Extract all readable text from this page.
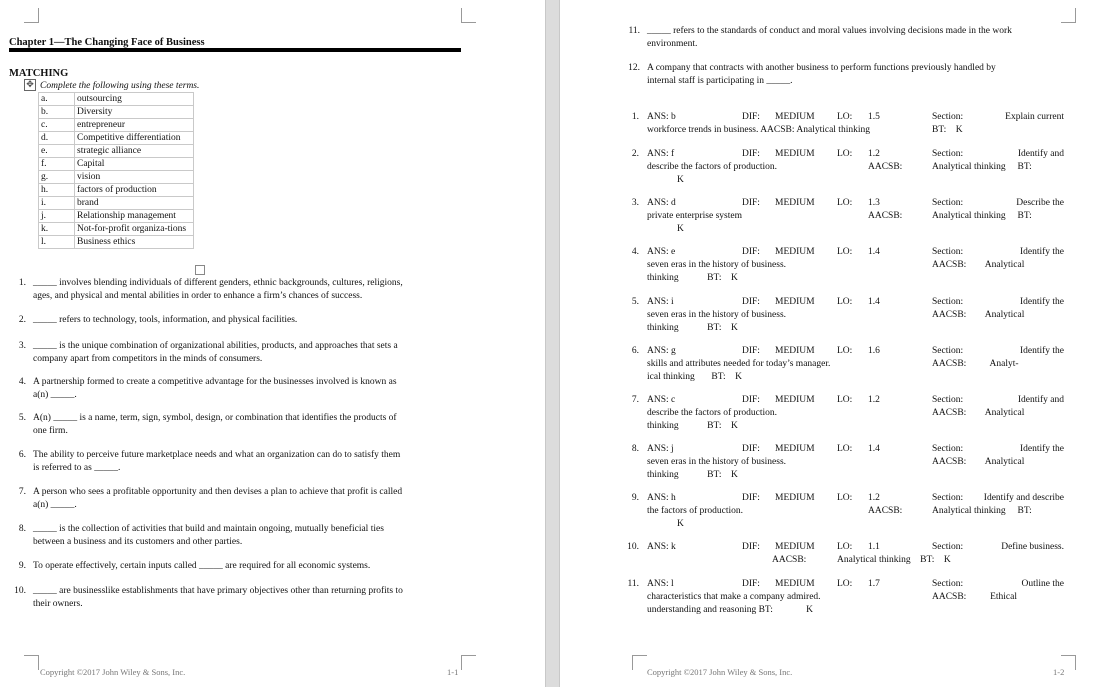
Chapter 1—The Changing Face of Business
MATCHING
✥ Complete the following using these terms.
a.	outsourcing
b.	Diversity
c.	entrepreneur
d.	Competitive differentiation
e.	strategic alliance
f.	Capital
g.	vision
h.	factors of production
i.	brand
j.	Relationship management
k.	Not-for-profit organiza-tions
l.	Business ethics
1. _____ involves blending individuals of different genders, ethnic backgrounds, cultures, religions,
ages, and physical and mental abilities in order to enhance a firm’s chances of success.
2. _____ refers to technology, tools, information, and physical facilities.
3. _____ is the unique combination of organizational abilities, products, and approaches that sets a
company apart from competitors in the minds of consumers.
4. A partnership formed to create a competitive advantage for the businesses involved is known as
a(n) _____.
5. A(n) _____ is a name, term, sign, symbol, design, or combination that identifies the products of
one firm.
6. The ability to perceive future marketplace needs and what an organization can do to satisfy them
is referred to as _____.
7. A person who sees a profitable opportunity and then devises a plan to achieve that profit is called
a(n) _____.
8. _____ is the collection of activities that build and maintain ongoing, mutually beneficial ties
between a business and its customers and other parties.
9. To operate effectively, certain inputs called _____ are required for all economic systems.
10. _____ are businesslike establishments that have primary objectives other than returning profits to
their owners.
Copyright ©2017 John Wiley & Sons, Inc.	1-1
11. _____ refers to the standards of conduct and moral values involving decisions made in the work
environment.
12. A company that contracts with another business to perform functions previously handled by
internal staff is participating in _____.
1. ANS: b	DIF: MEDIUM LO: 1.5	Section:	Explain current
workforce trends in business. AACSB: Analytical thinking	BT:    K
2. ANS: f	DIF: MEDIUM LO: 1.2	Section:	Identify and
describe the factors of production.	AACSB:	Analytical thinking     BT:
K
3. ANS: d	DIF: MEDIUM LO: 1.3	Section:	Describe the
private enterprise system	AACSB:	Analytical thinking     BT:
K
4. ANS: e	DIF: MEDIUM LO: 1.4	Section:	Identify the
seven eras in the history of business.	AACSB:        Analytical
thinking            BT:    K
5. ANS: i	DIF: MEDIUM LO: 1.4	Section:	Identify the
seven eras in the history of business.	AACSB:        Analytical
thinking            BT:    K
6. ANS: g	DIF: MEDIUM LO: 1.6	Section:	Identify the
skills and attributes needed for today’s manager.	AACSB:          Analyt-
ical thinking       BT:    K
7. ANS: c	DIF: MEDIUM LO: 1.2	Section:	Identify and
describe the factors of production.	AACSB:        Analytical
thinking            BT:    K
8. ANS: j	DIF: MEDIUM LO: 1.4	Section:	Identify the
seven eras in the history of business.	AACSB:        Analytical
thinking            BT:    K
9. ANS: h	DIF: MEDIUM LO: 1.2	Section: Identify and describe
the factors of production.	AACSB:	Analytical thinking     BT:
K
10. ANS: k	DIF: MEDIUM LO: 1.1	Section:	Define business.
AACSB:	Analytical thinking    BT:    K
11. ANS: l	DIF: MEDIUM LO: 1.7	Section:	Outline the
characteristics that make a company admired.	AACSB:          Ethical
understanding and reasoning BT:              K
Copyright ©2017 John Wiley & Sons, Inc.	1-2
